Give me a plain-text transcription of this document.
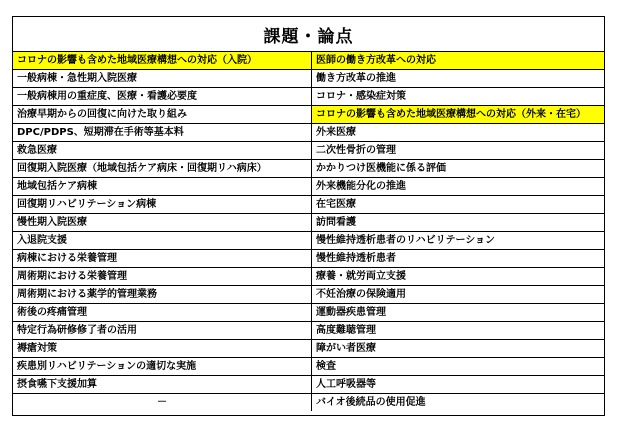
課題・論点
コロナの影響も含めた地域医療構想への対応（入院）	医師の働き方改革への対応
一般病棟・急性期入院医療	働き方改革の推進
一般病棟用の重症度、医療・看護必要度	コロナ・感染症対策
治療早期からの回復に向けた取り組み	コロナの影響も含めた地域医療構想への対応（外来・在宅）
DPC/PDPS、短期滞在手術等基本料	外来医療
救急医療	二次性骨折の管理
回復期入院医療（地域包括ケア病床・回復期リハ病床）	かかりつけ医機能に係る評価
地域包括ケア病棟	外来機能分化の推進
回復期リハビリテーション病棟	在宅医療
慢性期入院医療	訪問看護
入退院支援	慢性維持透析患者のリハビリテーション
病棟における栄養管理	慢性維持透析患者
周術期における栄養管理	療養・就労両立支援
周術期における薬学的管理業務	不妊治療の保険適用
術後の疼痛管理	運動器疾患管理
特定行為研修修了者の活用	高度難聴管理
褥瘡対策	障がい者医療
疾患別リハビリテーションの適切な実施	検査
摂食嚥下支援加算	人工呼吸器等
－	バイオ後続品の使用促進
